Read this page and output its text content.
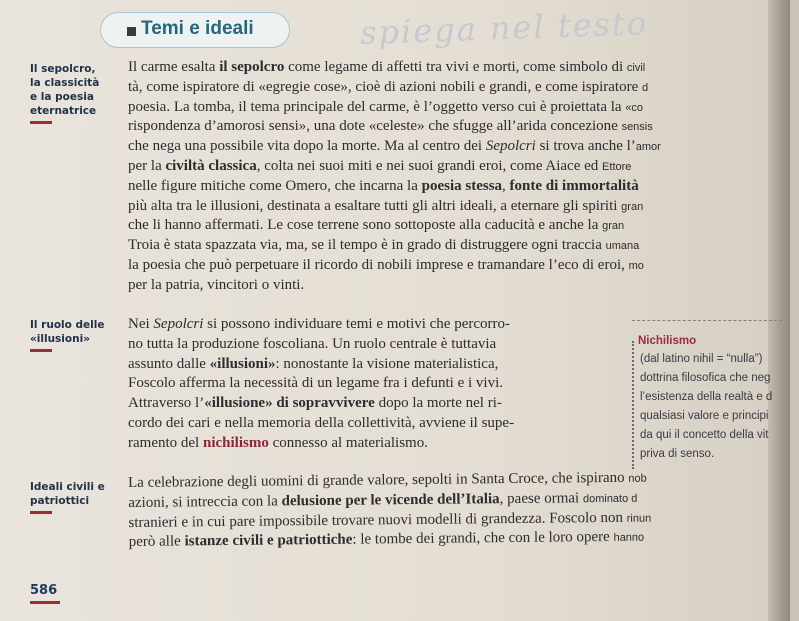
Temi e ideali	spiega nel testo
Il sepolcro,
la classicità
e la poesia
eternatrice
Il carme esalta il sepolcro come legame di affetti tra vivi e morti, come simbolo di civil
tà, come ispiratore di «egregie cose», cioè di azioni nobili e grandi, e come ispiratore d
poesia. La tomba, il tema principale del carme, è l’oggetto verso cui è proiettata la «co
rispondenza d’amorosi sensi», una dote «celeste» che sfugge all’arida concezione sensis
che nega una possibile vita dopo la morte. Ma al centro dei Sepolcri si trova anche l’amor
per la civiltà classica, colta nei suoi miti e nei suoi grandi eroi, come Aiace ed Ettore
nelle figure mitiche come Omero, che incarna la poesia stessa, fonte di immortalità
più alta tra le illusioni, destinata a esaltare tutti gli altri ideali, a eternare gli spiriti gran
che li hanno affermati. Le cose terrene sono sottoposte alla caducità e anche la gran
Troia è stata spazzata via, ma, se il tempo è in grado di distruggere ogni traccia umana
la poesia che può perpetuare il ricordo di nobili imprese e tramandare l’eco di eroi, mo
per la patria, vincitori o vinti.
Il ruolo delle
«illusioni»
Nei Sepolcri si possono individuare temi e motivi che percorro-
no tutta la produzione foscoliana. Un ruolo centrale è tuttavia
assunto dalle «illusioni»: nonostante la visione materialistica,
Foscolo afferma la necessità di un legame fra i defunti e i vivi.
Attraverso l’«illusione» di sopravvivere dopo la morte nel ri-
cordo dei cari e nella memoria della collettività, avviene il supe-
ramento del nichilismo connesso al materialismo.
Nichilismo
(dal latino nihil = “nulla”)
dottrina filosofica che neg
l’esistenza della realtà e d
qualsiasi valore e principi
da qui il concetto della vit
priva di senso.
Ideali civili e
patriottici
La celebrazione degli uomini di grande valore, sepolti in Santa Croce, che ispirano nob
azioni, si intreccia con la delusione per le vicende dell’Italia, paese ormai dominato d
stranieri e in cui pare impossibile trovare nuovi modelli di grandezza. Foscolo non rinun
però alle istanze civili e patriottiche: le tombe dei grandi, che con le loro opere hanno
586
